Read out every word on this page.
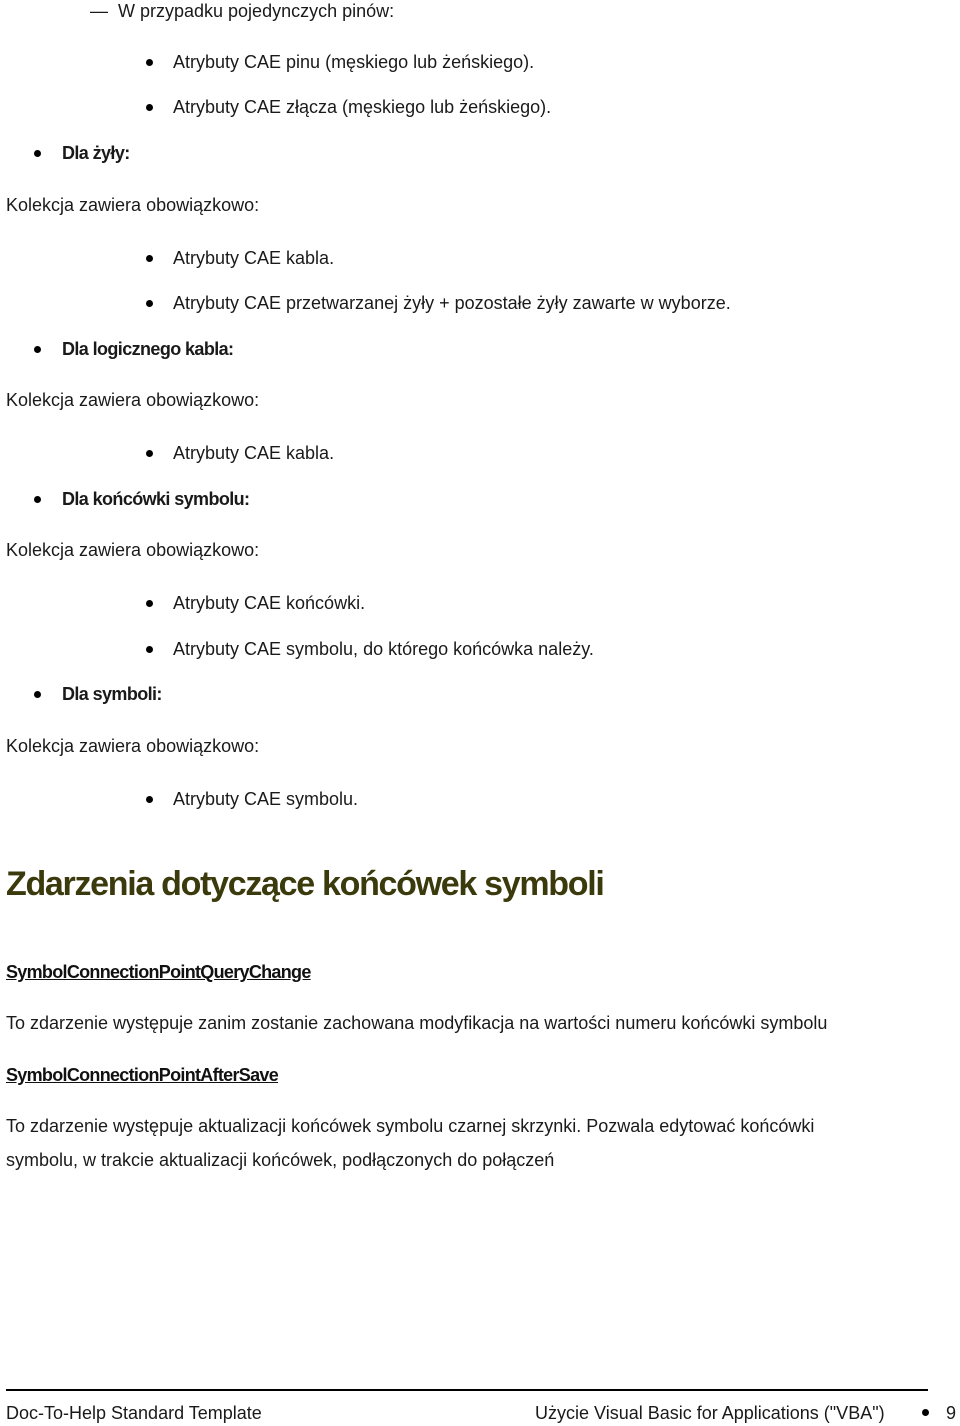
— W przypadku pojedynczych pinów:
Atrybuty CAE pinu (męskiego lub żeńskiego).
Atrybuty CAE złącza (męskiego lub żeńskiego).
Dla żyły:
Kolekcja zawiera obowiązkowo:
Atrybuty CAE kabla.
Atrybuty CAE przetwarzanej żyły + pozostałe żyły zawarte w wyborze.
Dla logicznego kabla:
Kolekcja zawiera obowiązkowo:
Atrybuty CAE kabla.
Dla końcówki symbolu:
Kolekcja zawiera obowiązkowo:
Atrybuty CAE końcówki.
Atrybuty CAE symbolu, do którego końcówka należy.
Dla symboli:
Kolekcja zawiera obowiązkowo:
Atrybuty CAE symbolu.
Zdarzenia dotyczące końcówek symboli
SymbolConnectionPointQueryChange
To zdarzenie występuje zanim zostanie zachowana modyfikacja na wartości numeru końcówki symbolu
SymbolConnectionPointAfterSave
To zdarzenie występuje aktualizacji końcówek symbolu czarnej skrzynki. Pozwala edytować końcówki
symbolu, w trakcie aktualizacji końcówek, podłączonych do połączeń
Doc-To-Help Standard Template	Użycie Visual Basic for Applications ("VBA")	9
